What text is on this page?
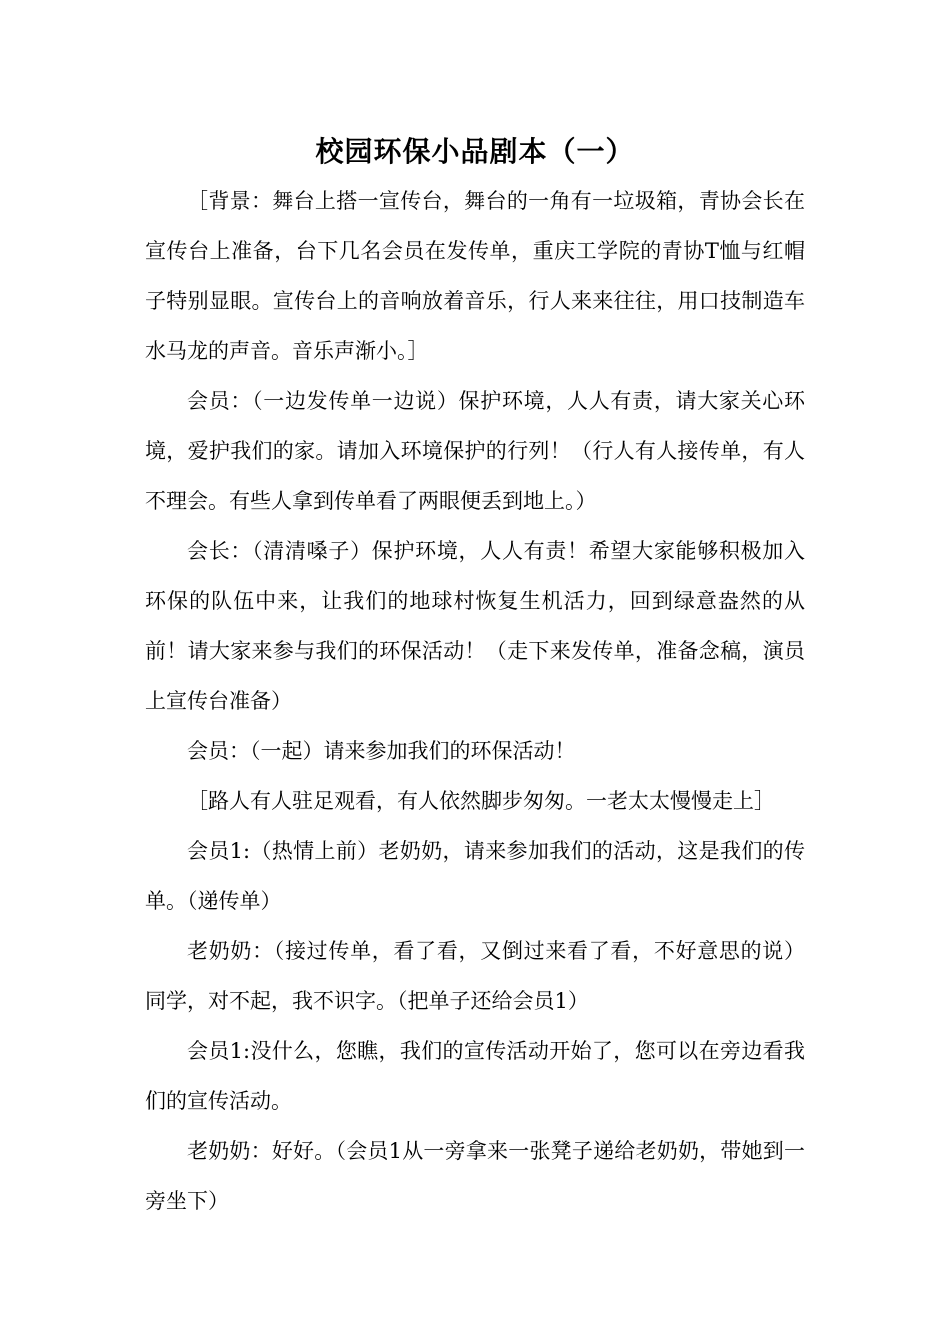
校园环保小品剧本（一）

［背景：舞台上搭一宣传台，舞台的一角有一垃圾箱，青协会长在宣传台上准备，台下几名会员在发传单，重庆工学院的青协T恤与红帽子特别显眼。宣传台上的音响放着音乐，行人来来往往，用口技制造车水马龙的声音。音乐声渐小。］

会员：（一边发传单一边说）保护环境，人人有责，请大家关心环境，爱护我们的家。请加入环境保护的行列！（行人有人接传单，有人不理会。有些人拿到传单看了两眼便丢到地上。）

会长：（清清嗓子）保护环境，人人有责！希望大家能够积极加入环保的队伍中来，让我们的地球村恢复生机活力，回到绿意盎然的从前！请大家来参与我们的环保活动！（走下来发传单，准备念稿，演员上宣传台准备）

会员：（一起）请来参加我们的环保活动！

［路人有人驻足观看，有人依然脚步匆匆。一老太太慢慢走上］

会员1:（热情上前）老奶奶，请来参加我们的活动，这是我们的传单。（递传单）

老奶奶：（接过传单，看了看，又倒过来看了看，不好意思的说）同学，对不起，我不识字。（把单子还给会员1）

会员1:没什么，您瞧，我们的宣传活动开始了，您可以在旁边看我们的宣传活动。

老奶奶：好好。（会员1从一旁拿来一张凳子递给老奶奶，带她到一旁坐下）
